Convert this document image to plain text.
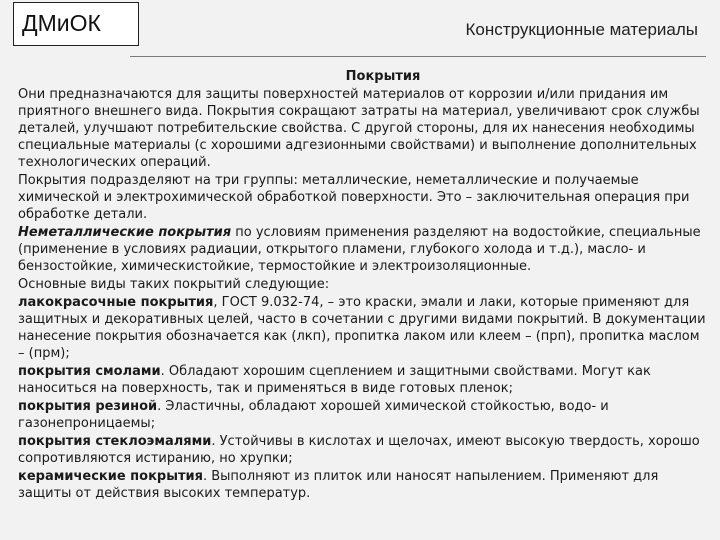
ДМиОК	Конструкционные материалы

Покрытия

Они предназначаются для защиты поверхностей материалов от коррозии и/или придания им приятного внешнего вида. Покрытия сокращают затраты на материал, увеличивают срок службы деталей, улучшают потребительские свойства. С другой стороны, для их нанесения необходимы специальные материалы (с хорошими адгезионными свойствами) и выполнение дополнительных технологических операций.

Покрытия подразделяют на три группы: металлические, неметаллические и получаемые химической и электрохимической обработкой поверхности. Это – заключительная операция при обработке детали.

Неметаллические покрытия по условиям применения разделяют на водостойкие, специальные (применение в условиях радиации, открытого пламени, глубокого холода и т.д.), масло- и бензостойкие, химическистойкие, термостойкие и электроизоляционные.

Основные виды таких покрытий следующие:

лакокрасочные покрытия, ГОСТ 9.032-74, – это краски, эмали и лаки, которые применяют для защитных и декоративных целей, часто в сочетании с другими видами покрытий. В документации нанесение покрытия обозначается как (лкп), пропитка лаком или клеем – (прп), пропитка маслом – (прм);

покрытия смолами. Обладают хорошим сцеплением и защитными свойствами. Могут как наноситься на поверхность, так и применяться в виде готовых пленок;

покрытия резиной. Эластичны, обладают хорошей химической стойкостью, водо- и газонепроницаемы;

покрытия стеклоэмалями. Устойчивы в кислотах и щелочах, имеют высокую твердость, хорошо сопротивляются истиранию, но хрупки;

керамические покрытия. Выполняют из плиток или наносят напылением. Применяют для защиты от действия высоких температур.
